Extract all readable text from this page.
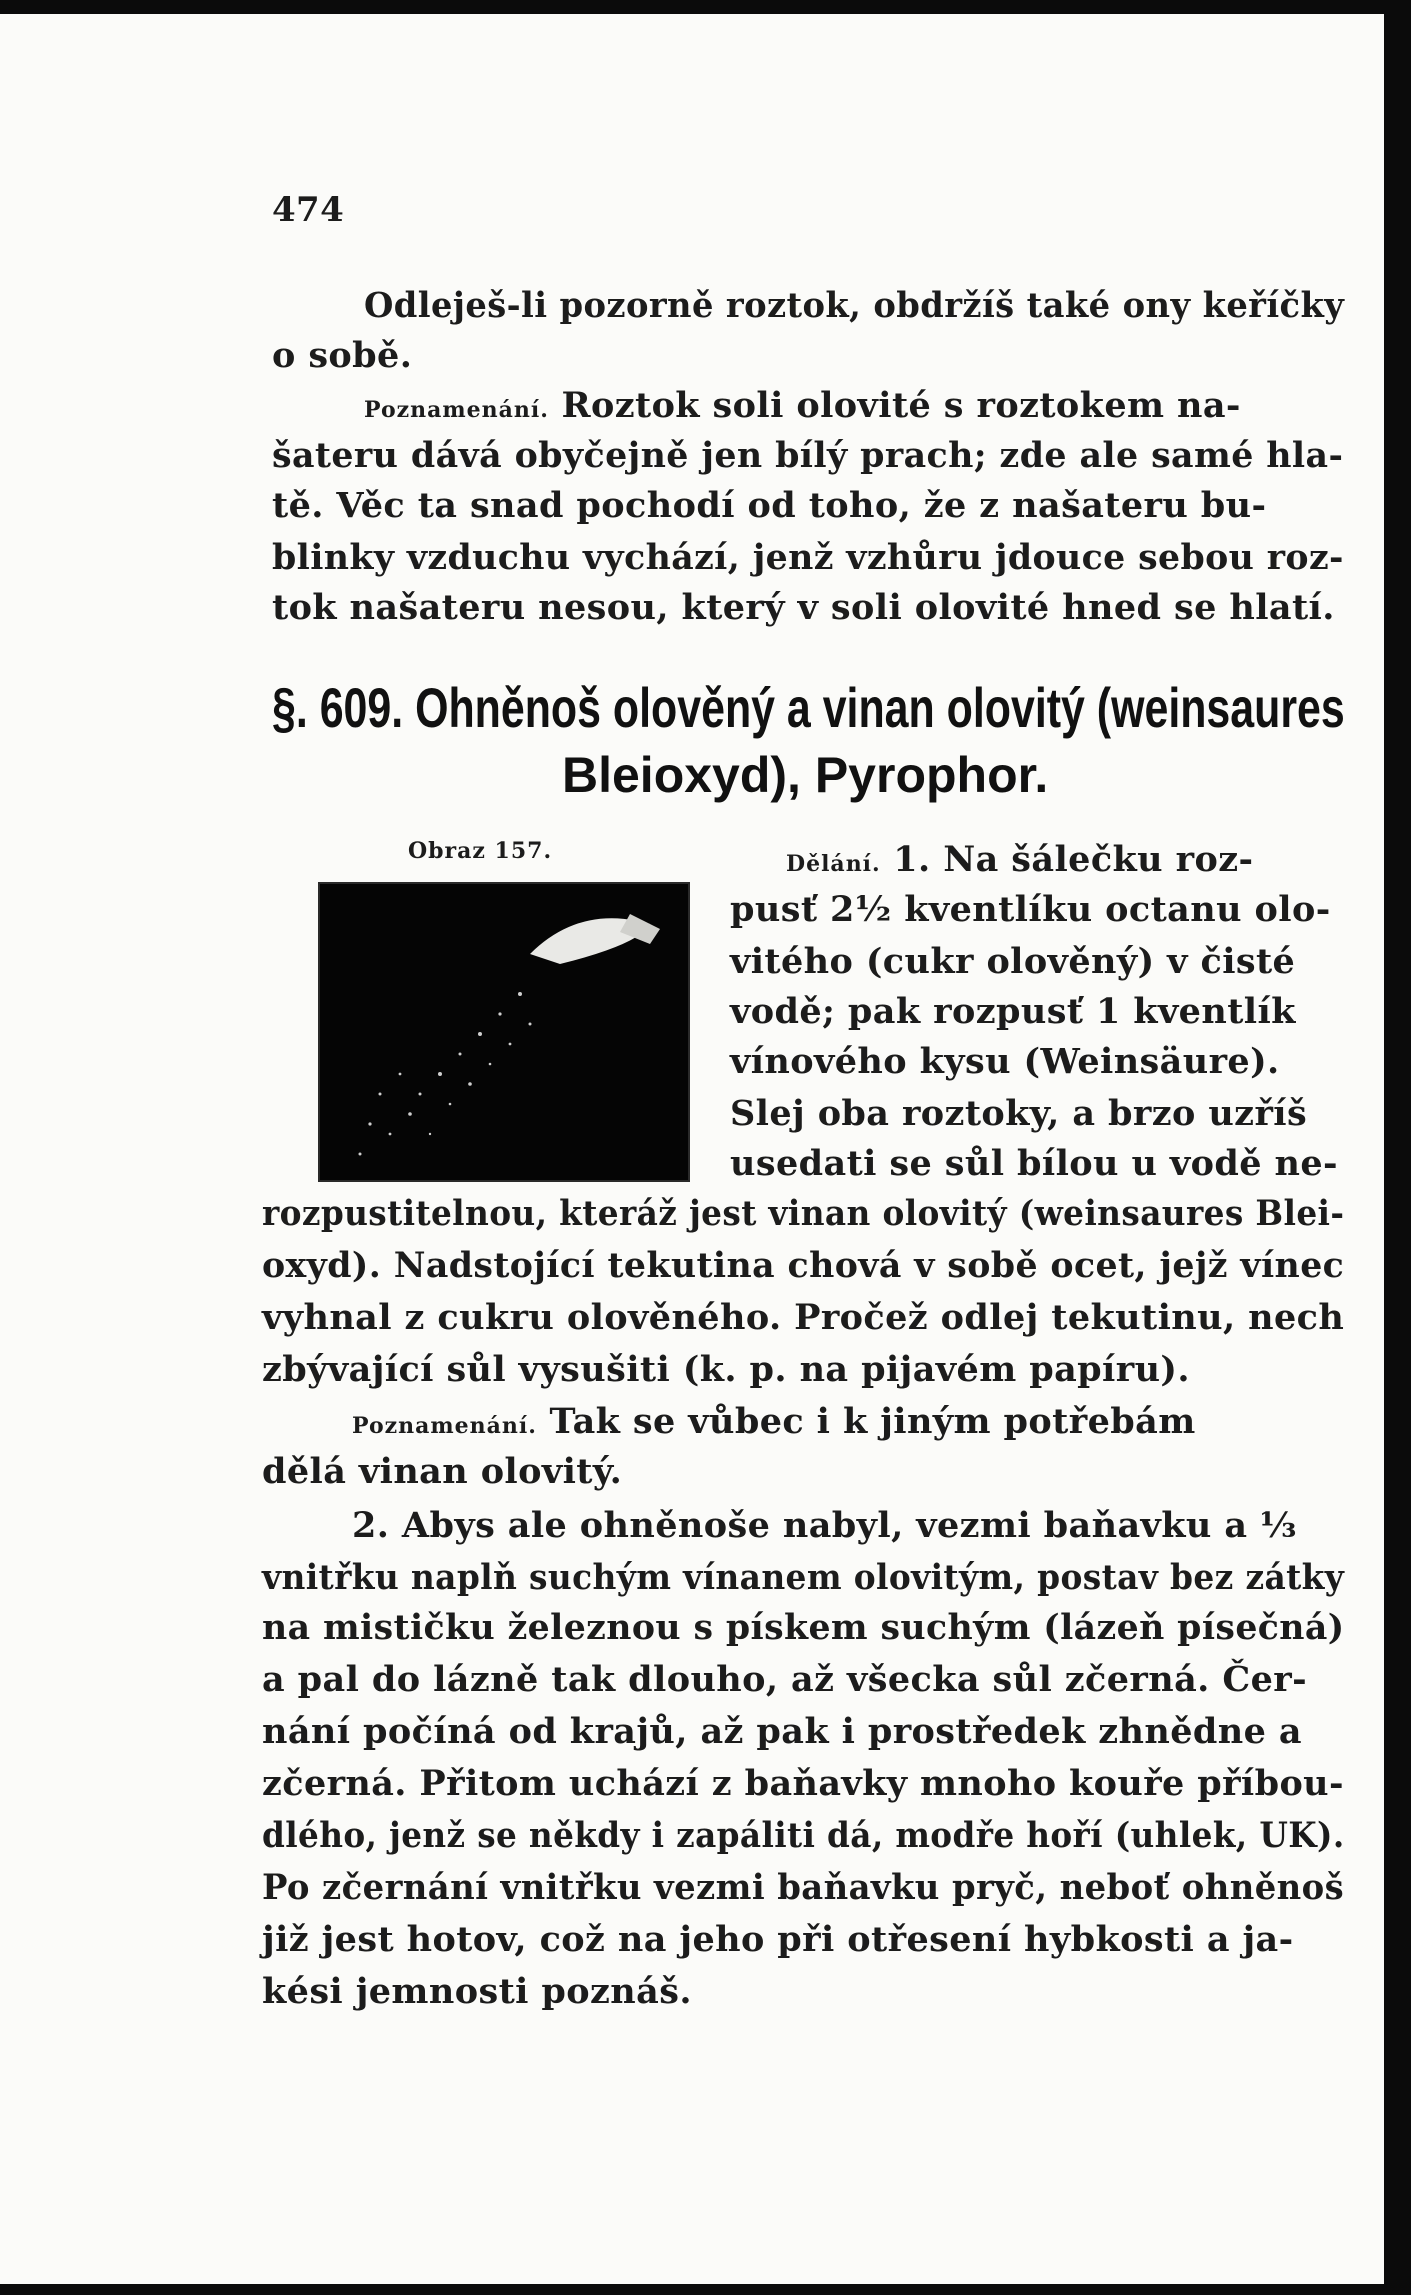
474
Odleješ-li pozorně roztok, obdržíš také ony keříčky
o sobě.
Poznamenání. Roztok soli olovité s roztokem na-
šateru dává obyčejně jen bílý prach; zde ale samé hla-
tě. Věc ta snad pochodí od toho, že z našateru bu-
blinky vzduchu vychází, jenž vzhůru jdouce sebou roz-
tok našateru nesou, který v soli olovité hned se hlatí.
§. 609. Ohněnoš olověný a vinan olovitý (weinsaures
Bleioxyd), Pyrophor.
Obraz 157.	Dělání. 1. Na šálečku roz-
pusť 2½ kventlíku octanu olo-
vitého (cukr olověný) v čisté
vodě; pak rozpusť 1 kventlík
vínového kysu (Weinsäure).
Slej oba roztoky, a brzo uzříš
usedati se sůl bílou u vodě ne-
rozpustitelnou, kteráž jest vinan olovitý (weinsaures Blei-
oxyd). Nadstojící tekutina chová v sobě ocet, jejž vínec
vyhnal z cukru olověného. Pročež odlej tekutinu, nech
zbývající sůl vysušiti (k. p. na pijavém papíru).
Poznamenání. Tak se vůbec i k jiným potřebám
dělá vinan olovitý.
2. Abys ale ohněnoše nabyl, vezmi baňavku a ⅓
vnitřku naplň suchým vínanem olovitým, postav bez zátky
na mističku železnou s pískem suchým (lázeň písečná)
a pal do lázně tak dlouho, až všecka sůl zčerná. Čer-
nání počíná od krajů, až pak i prostředek zhnědne a
zčerná. Přitom uchází z baňavky mnoho kouře příbou-
dlého, jenž se někdy i zapáliti dá, modře hoří (uhlek, UK).
Po zčernání vnitřku vezmi baňavku pryč, neboť ohněnoš
již jest hotov, což na jeho při otřesení hybkosti a ja-
kési jemnosti poznáš.
